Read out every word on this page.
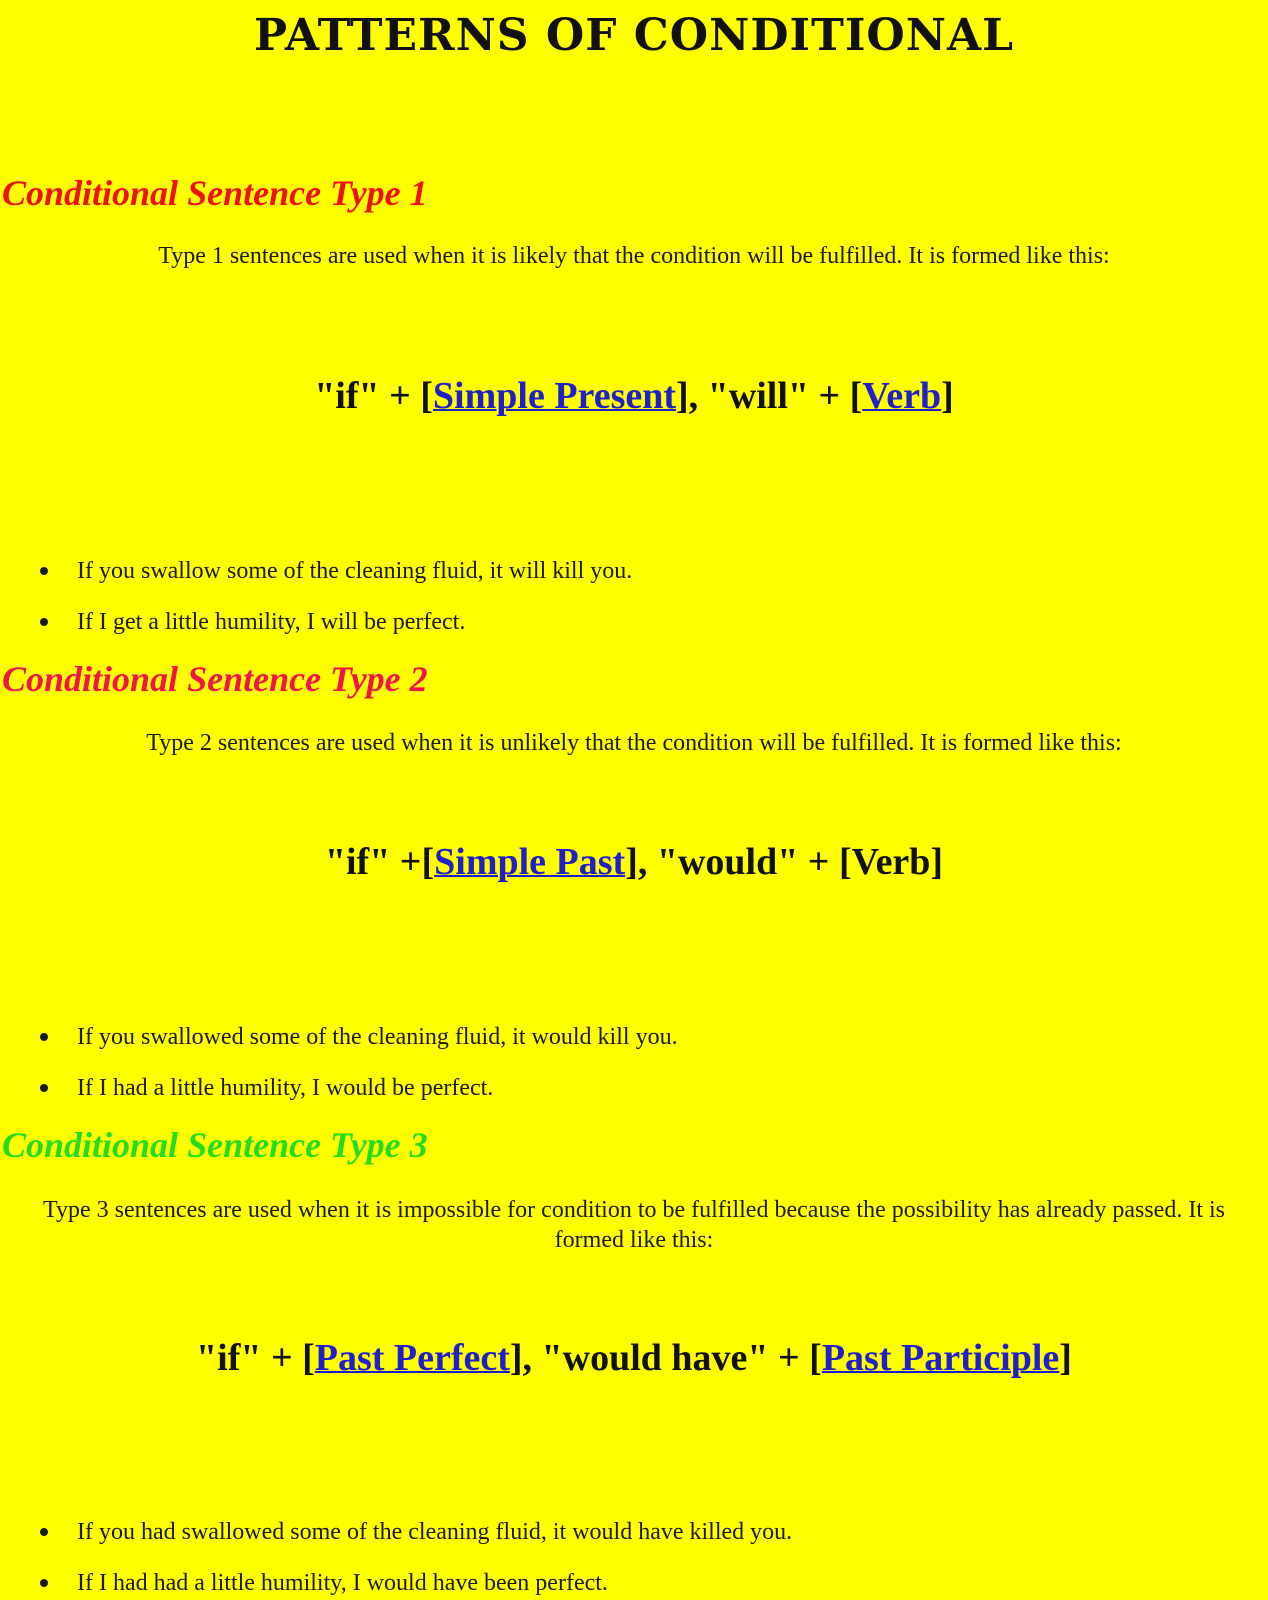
PATTERNS OF CONDITIONAL
Conditional Sentence Type 1

Type 1 sentences are used when it is likely that the condition will be fulfilled. It is formed like this:

"if" + [Simple Present], "will" + [Verb]

If you swallow some of the cleaning fluid, it will kill you.
If I get a little humility, I will be perfect.
Conditional Sentence Type 2

Type 2 sentences are used when it is unlikely that the condition will be fulfilled. It is formed like this:

"if" +[Simple Past], "would" + [Verb]

If you swallowed some of the cleaning fluid, it would kill you.
If I had a little humility, I would be perfect.
Conditional Sentence Type 3

Type 3 sentences are used when it is impossible for condition to be fulfilled because the possibility has already passed. It is
formed like this:

"if" + [Past Perfect], "would have" + [Past Participle]

If you had swallowed some of the cleaning fluid, it would have killed you.
If I had had a little humility, I would have been perfect.
